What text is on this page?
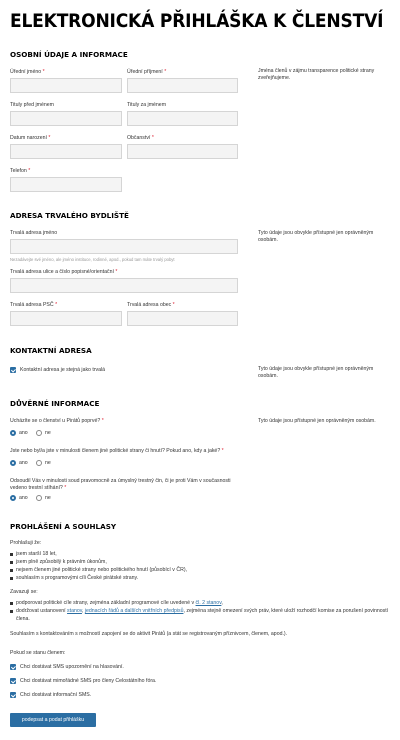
ELEKTRONICKÁ PŘIHLÁŠKA K ČLENSTVÍ
OSOBNÍ ÚDAJE A INFORMACE
Úřední jméno *	Úřední příjmení *
Tituly před jménem	Tituly za jménem
Datum narození *	Občanství *
Telefon *
Jména členů v zájmu transparence politické strany zveřejňujeme.
ADRESA TRVALÉHO BYDLIŠTĚ
Trvalá adresa jméno
Nezadávejte své jméno, ale jméno instituce, rodinné, apod., pokud tam máte trvalý pobyt
Trvalá adresa ulice a číslo popisné/orientační *
Trvalá adresa PSČ *	Trvalá adresa obec *
Tyto údaje jsou obvykle přístupné jen oprávněným osobám.
KONTAKTNÍ ADRESA
Kontaktní adresa je stejná jako trvalá	Tyto údaje jsou obvykle přístupné jen oprávněným osobám.
DŮVĚRNÉ INFORMACE
Ucházíte se o členství u Pirátů poprvé? *
ano	ne
Jste nebo byl/a jste v minulosti členem jiné politické strany či hnutí? Pokud ano, kdy a jaké? *
ano	ne
Odsoudil Vás v minulosti soud pravomocně za úmyslný trestný čin, či je proti Vám v současnosti
vedeno trestní stíhání? *
ano	ne
Tyto údaje jsou přístupné jen oprávněným osobám.
PROHLÁŠENÍ A SOUHLASY
Prohlašuji že:
jsem starší 18 let,
jsem plně způsobilý k právním úkonům,
nejsem členem jiné politické strany nebo politického hnutí (působící v ČR),
souhlasím s programovými cíli České pirátské strany.
Zavazuji se:
podporovat politické cíle strany, zejména základní programové cíle uvedené v čl. 2 stanov,
dodržovat ustanovení stanov, jednacích řádů a dalších vnitřních předpisů, zejména stejně omezení svých práv, které uloží rozhodčí komise za porušení povinností
člena.
Souhlasím s kontaktováním s možností zapojení se do aktivit Pirátů (a stát se registrovaným příznivcem, členem, apod.).
Pokud se stanu členem:
Chci dostávat SMS upozornění na hlasování.
Chci dostávat mimořádné SMS pro členy Celostátního fóra.
Chci dostávat informační SMS.
podepsat a podat přihlášku
